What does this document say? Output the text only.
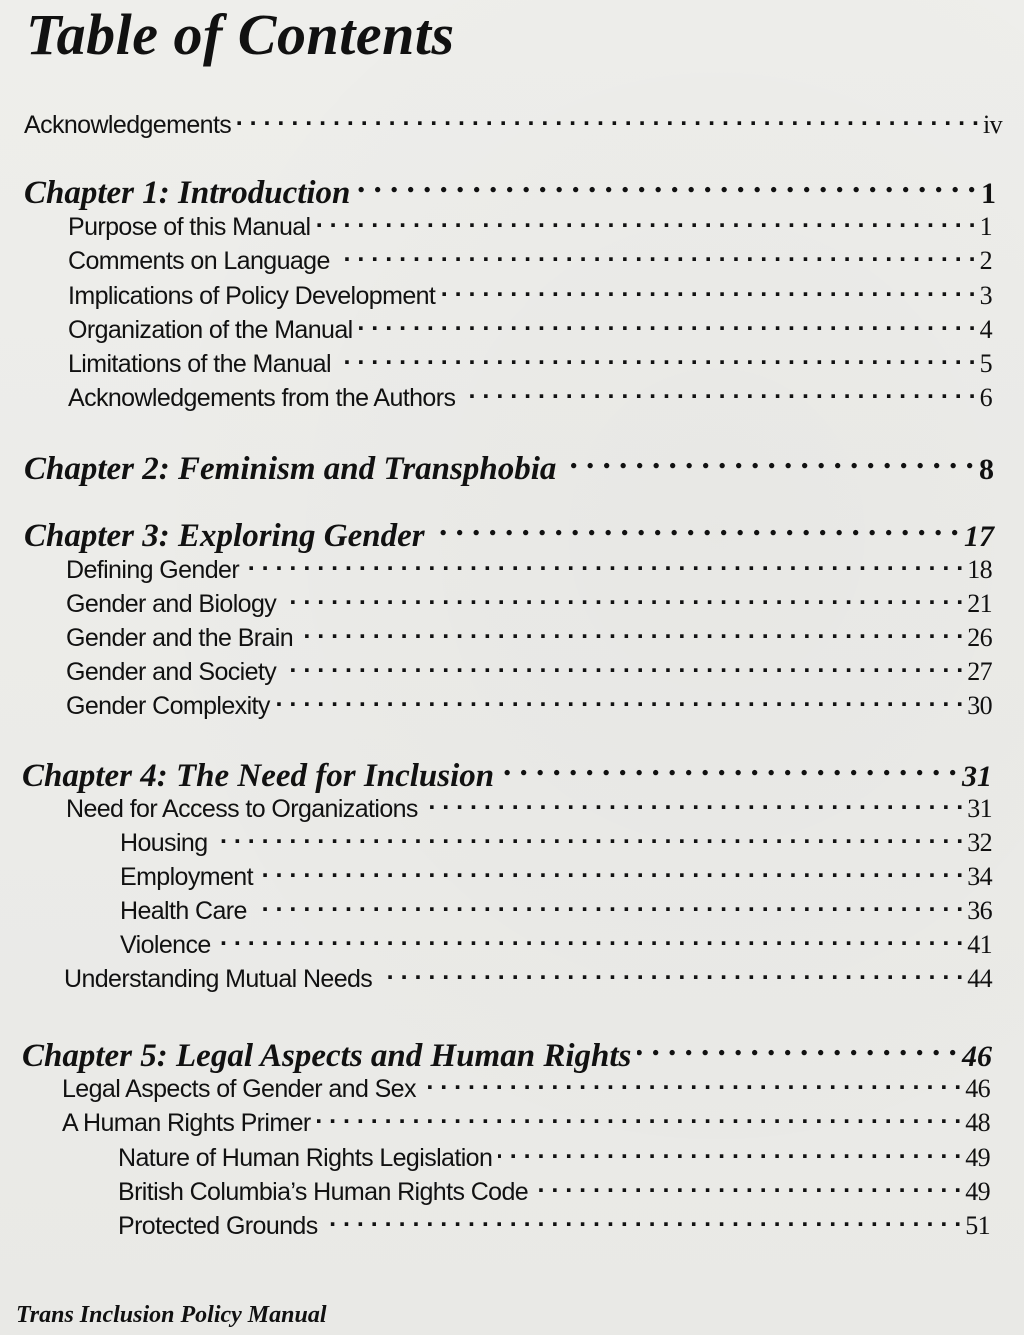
Table of Contents
Acknowledgements . . .	iv
Chapter 1: Introduction . . .	1
Purpose of this Manual . . .	1
Comments on Language . . .	2
Implications of Policy Development . . .	3
Organization of the Manual . . .	4
Limitations of the Manual . . .	5
Acknowledgements from the Authors . . .	6
Chapter 2: Feminism and Transphobia . . .	8
Chapter 3: Exploring Gender . . .	17
Defining Gender . . .	18
Gender and Biology . . .	21
Gender and the Brain . . .	26
Gender and Society . . .	27
Gender Complexity . . .	30
Chapter 4: The Need for Inclusion . . .	31
Need for Access to Organizations . . .	31
Housing . . .	32
Employment . . .	34
Health Care . . .	36
Violence . . .	41
Understanding Mutual Needs . . .	44
Chapter 5: Legal Aspects and Human Rights . . .	46
Legal Aspects of Gender and Sex . . .	46
A Human Rights Primer . . .	48
Nature of Human Rights Legislation . . .	49
British Columbia’s Human Rights Code . . .	49
Protected Grounds . . .	51
Trans Inclusion Policy Manual
